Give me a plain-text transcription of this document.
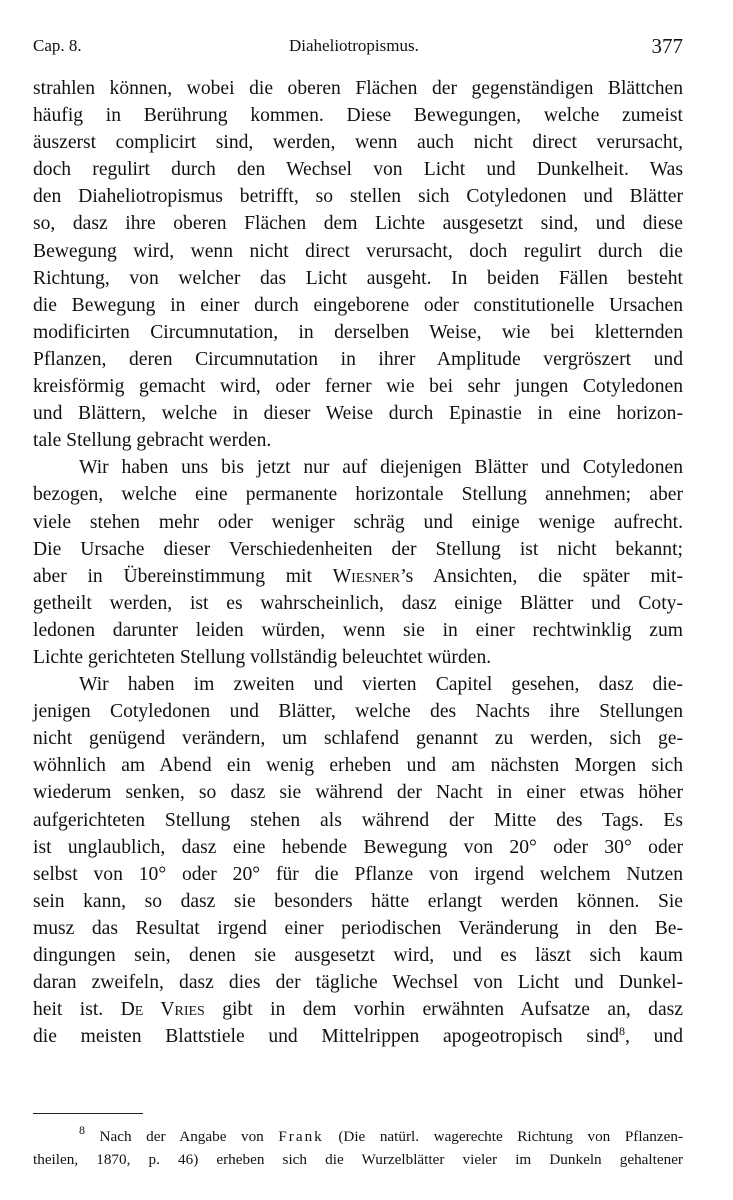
Cap. 8.	Diaheliotropismus.	377
strahlen können, wobei die oberen Flächen der gegenständigen Blättchen
häufig in Berührung kommen. Diese Bewegungen, welche zumeist
äuszerst complicirt sind, werden, wenn auch nicht direct verursacht,
doch regulirt durch den Wechsel von Licht und Dunkelheit. Was
den Diaheliotropismus betrifft, so stellen sich Cotyledonen und Blätter
so, dasz ihre oberen Flächen dem Lichte ausgesetzt sind, und diese
Bewegung wird, wenn nicht direct verursacht, doch regulirt durch die
Richtung, von welcher das Licht ausgeht. In beiden Fällen besteht
die Bewegung in einer durch eingeborene oder constitutionelle Ursachen
modificirten Circumnutation, in derselben Weise, wie bei kletternden
Pflanzen, deren Circumnutation in ihrer Amplitude vergröszert und
kreisförmig gemacht wird, oder ferner wie bei sehr jungen Cotyledonen
und Blättern, welche in dieser Weise durch Epinastie in eine horizon-
tale Stellung gebracht werden.
Wir haben uns bis jetzt nur auf diejenigen Blätter und Cotyledonen
bezogen, welche eine permanente horizontale Stellung annehmen; aber
viele stehen mehr oder weniger schräg und einige wenige aufrecht.
Die Ursache dieser Verschiedenheiten der Stellung ist nicht bekannt;
aber in Übereinstimmung mit Wiesner’s Ansichten, die später mit-
getheilt werden, ist es wahrscheinlich, dasz einige Blätter und Coty-
ledonen darunter leiden würden, wenn sie in einer rechtwinklig zum
Lichte gerichteten Stellung vollständig beleuchtet würden.
Wir haben im zweiten und vierten Capitel gesehen, dasz die-
jenigen Cotyledonen und Blätter, welche des Nachts ihre Stellungen
nicht genügend verändern, um schlafend genannt zu werden, sich ge-
wöhnlich am Abend ein wenig erheben und am nächsten Morgen sich
wiederum senken, so dasz sie während der Nacht in einer etwas höher
aufgerichteten Stellung stehen als während der Mitte des Tags. Es
ist unglaublich, dasz eine hebende Bewegung von 20° oder 30° oder
selbst von 10° oder 20° für die Pflanze von irgend welchem Nutzen
sein kann, so dasz sie besonders hätte erlangt werden können. Sie
musz das Resultat irgend einer periodischen Veränderung in den Be-
dingungen sein, denen sie ausgesetzt wird, und es läszt sich kaum
daran zweifeln, dasz dies der tägliche Wechsel von Licht und Dunkel-
heit ist. De Vries gibt in dem vorhin erwähnten Aufsatze an, dasz
die meisten Blattstiele und Mittelrippen apogeotropisch sind$^8$, und
$^8$ Nach der Angabe von Frank (Die natürl. wagerechte Richtung von Pflanzen-
theilen, 1870, p. 46) erheben sich die Wurzelblätter vieler im Dunkeln gehaltener
